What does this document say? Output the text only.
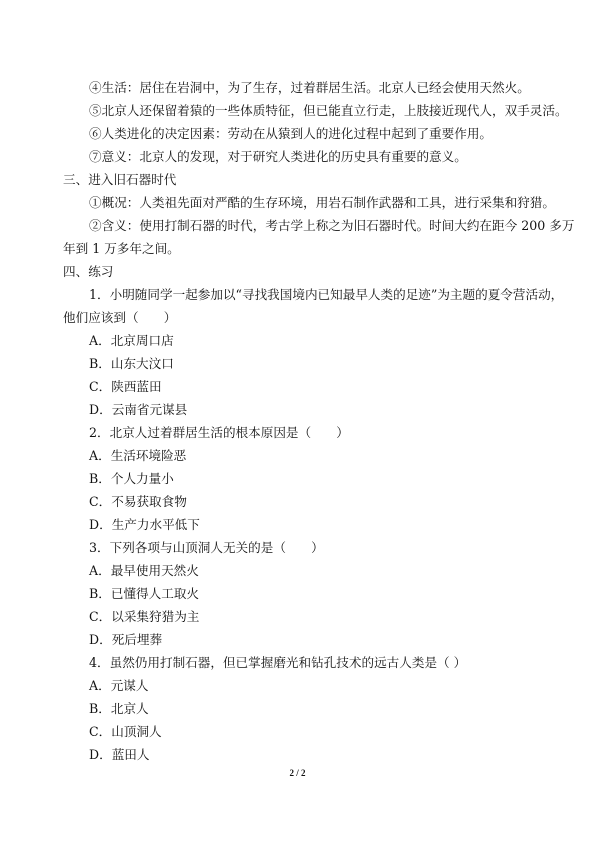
④生活：居住在岩洞中，为了生存，过着群居生活。北京人已经会使用天然火。
⑤北京人还保留着猿的一些体质特征，但已能直立行走，上肢接近现代人，双手灵活。
⑥人类进化的决定因素：劳动在从猿到人的进化过程中起到了重要作用。
⑦意义：北京人的发现，对于研究人类进化的历史具有重要的意义。
三、进入旧石器时代
①概况：人类祖先面对严酷的生存环境，用岩石制作武器和工具，进行采集和狩猎。
②含义：使用打制石器的时代，考古学上称之为旧石器时代。时间大约在距今 200 多万
年到 1 万多年之间。
四、练习
1．小明随同学一起参加以“寻找我国境内已知最早人类的足迹”为主题的夏令营活动，
他们应该到（　　）
A．北京周口店
B．山东大汶口
C．陕西蓝田
D．云南省元谋县
2．北京人过着群居生活的根本原因是（　　）
A．生活环境险恶
B．个人力量小
C．不易获取食物
D．生产力水平低下
3．下列各项与山顶洞人无关的是（　　）
A．最早使用天然火
B．已懂得人工取火
C．以采集狩猎为主
D．死后埋葬
4．虽然仍用打制石器，但已掌握磨光和钻孔技术的远古人类是（ ）
A．元谋人
B．北京人
C．山顶洞人
D．蓝田人
2 / 2
